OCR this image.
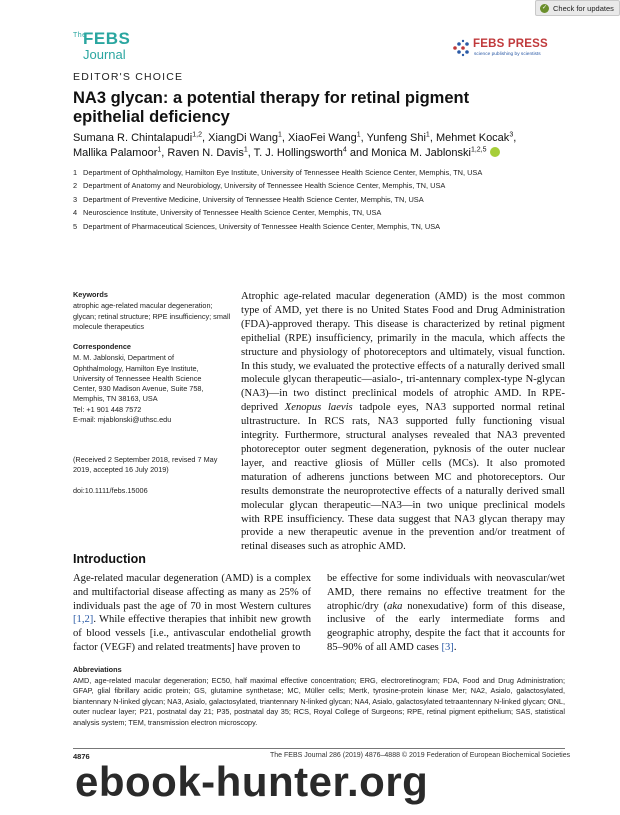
✓ Check for updates
The
FEBS
Journal
FEBS PRESS
science publishing by scientists
EDITOR'S CHOICE
NA3 glycan: a potential therapy for retinal pigment epithelial deficiency
Sumana R. Chintalapudi$^{1,2}$, XiangDi Wang$^1$, XiaoFei Wang$^1$, Yunfeng Shi$^1$, Mehmet Kocak$^3$,
Mallika Palamoor$^1$, Raven N. Davis$^1$, T. J. Hollingsworth$^4$ and Monica M. Jablonski$^{1,2,5}$
1 Department of Ophthalmology, Hamilton Eye Institute, University of Tennessee Health Science Center, Memphis, TN, USA
2 Department of Anatomy and Neurobiology, University of Tennessee Health Science Center, Memphis, TN, USA
3 Department of Preventive Medicine, University of Tennessee Health Science Center, Memphis, TN, USA
4 Neuroscience Institute, University of Tennessee Health Science Center, Memphis, TN, USA
5 Department of Pharmaceutical Sciences, University of Tennessee Health Science Center, Memphis, TN, USA
Keywords
atrophic age-related macular degeneration; glycan; retinal structure; RPE insufficiency; small molecule therapeutics
Correspondence
M. M. Jablonski, Department of
Ophthalmology, Hamilton Eye Institute,
University of Tennessee Health Science
Center, 930 Madison Avenue, Suite 758,
Memphis, TN 38163, USA
Tel: +1 901 448 7572
E-mail: mjablonski@uthsc.edu
(Received 2 September 2018, revised 7 May 2019, accepted 16 July 2019)
doi:10.1111/febs.15006
Atrophic age-related macular degeneration (AMD) is the most common type of AMD, yet there is no United States Food and Drug Administration (FDA)-approved therapy. This disease is characterized by retinal pigment epithelial (RPE) insufficiency, primarily in the macula, which affects the structure and physiology of photoreceptors and ultimately, visual function. In this study, we evaluated the protective effects of a naturally derived small molecule glycan therapeutic—asialo-, tri-antennary complex-type N-glycan (NA3)—in two distinct preclinical models of atrophic AMD. In RPE-deprived Xenopus laevis tadpole eyes, NA3 supported normal retinal ultrastructure. In RCS rats, NA3 supported fully functioning visual integrity. Furthermore, structural analyses revealed that NA3 prevented photoreceptor outer segment degeneration, pyknosis of the outer nuclear layer, and reactive gliosis of Müller cells (MCs). It also promoted maturation of adherens junctions between MC and photoreceptors. Our results demonstrate the neuroprotective effects of a naturally derived small molecular glycan therapeutic—NA3—in two unique preclinical models with RPE insufficiency. These data suggest that NA3 glycan therapy may provide a new therapeutic avenue in the prevention and/or treatment of retinal diseases such as atrophic AMD.
Introduction
Age-related macular degeneration (AMD) is a complex and multifactorial disease affecting as many as 25% of individuals past the age of 70 in most Western cultures [1,2]. While effective therapies that inhibit new growth of blood vessels [i.e., antivascular endothelial growth factor (VEGF) and related treatments] have proven to
be effective for some individuals with neovascular/wet AMD, there remains no effective treatment for the atrophic/dry (aka nonexudative) form of this disease, inclusive of the early intermediate forms and geographic atrophy, despite the fact that it accounts for 85–90% of all AMD cases [3].
Abbreviations
AMD, age-related macular degeneration; EC50, half maximal effective concentration; ERG, electroretinogram; FDA, Food and Drug Administration; GFAP, glial fibrillary acidic protein; GS, glutamine synthetase; MC, Müller cells; Mertk, tyrosine-protein kinase Mer; NA2, Asialo, galactosylated, biantennary N-linked glycan; NA3, Asialo, galactosylated, triantennary N-linked glycan; NA4, Asialo, galactosylated tetraantennary N-linked glycan; ONL, outer nuclear layer; P21, postnatal day 21; P35, postnatal day 35; RCS, Royal College of Surgeons; RPE, retinal pigment epithelium; SAS, statistical analysis system; TEM, transmission electron microscopy.
4876	The FEBS Journal 286 (2019) 4876–4888 © 2019 Federation of European Biochemical Societies
ebook-hunter.org
